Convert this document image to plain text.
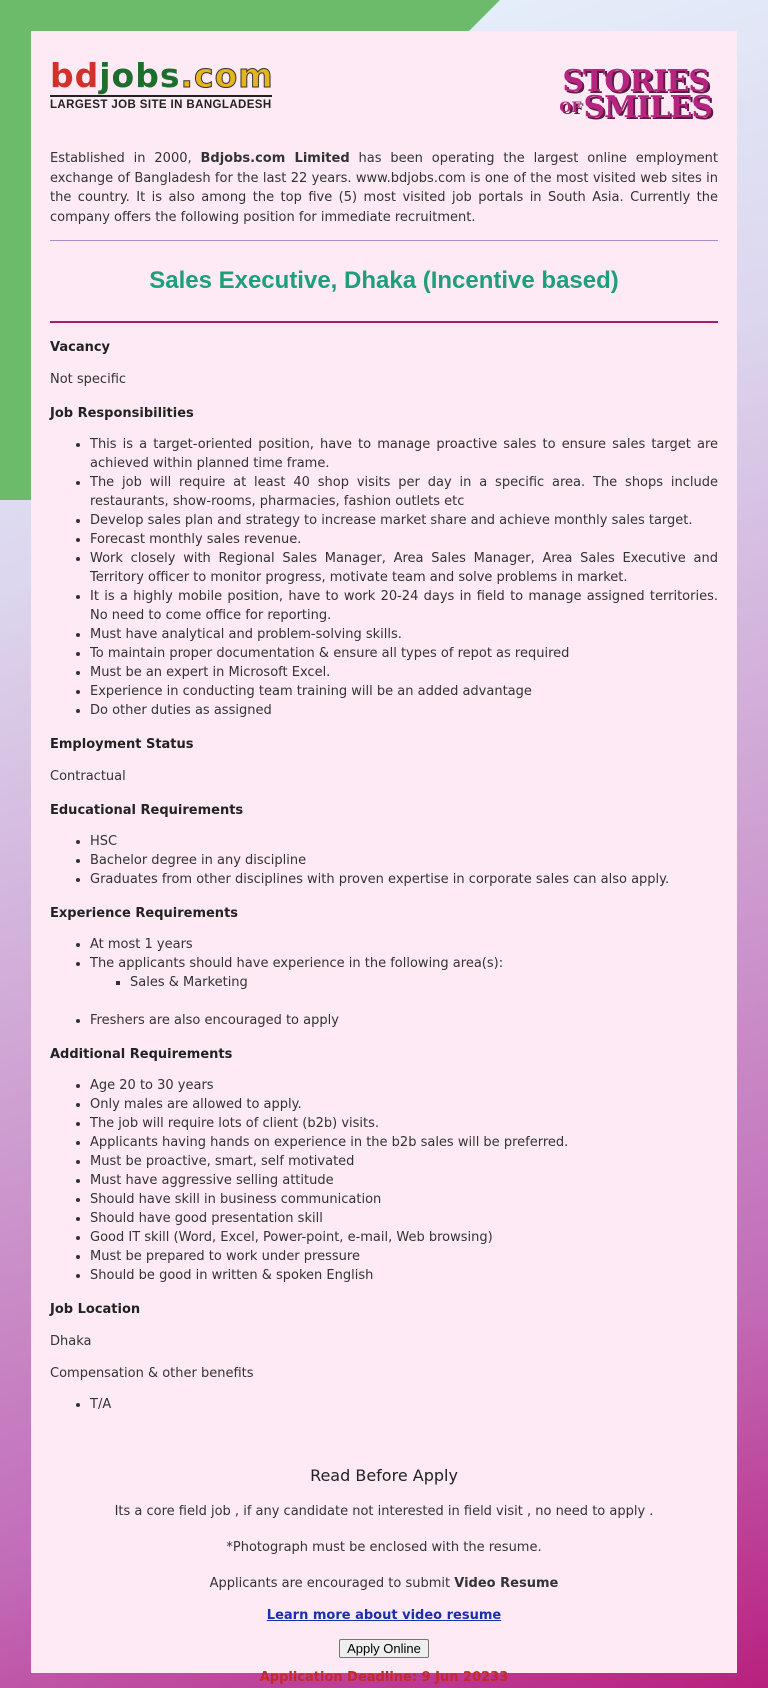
bdjobs.com
LARGEST JOB SITE IN BANGLADESH
STORIES
OFSMILES

Established in 2000, Bdjobs.com Limited has been operating the largest online employment exchange of Bangladesh for the last 22 years. www.bdjobs.com is one of the most visited web sites in the country. It is also among the top five (5) most visited job portals in South Asia. Currently the company offers the following position for immediate recruitment.

Sales Executive, Dhaka (Incentive based)
Vacancy

Not specific

Job Responsibilities
• This is a target-oriented position, have to manage proactive sales to ensure sales target are achieved within planned time frame.
• The job will require at least 40 shop visits per day in a specific area. The shops include restaurants, show-rooms, pharmacies, fashion outlets etc
• Develop sales plan and strategy to increase market share and achieve monthly sales target.
• Forecast monthly sales revenue.
• Work closely with Regional Sales Manager, Area Sales Manager, Area Sales Executive and Territory officer to monitor progress, motivate team and solve problems in market.
• It is a highly mobile position, have to work 20-24 days in field to manage assigned territories. No need to come office for reporting.
• Must have analytical and problem-solving skills.
• To maintain proper documentation & ensure all types of repot as required
• Must be an expert in Microsoft Excel.
• Experience in conducting team training will be an added advantage
• Do other duties as assigned
Employment Status

Contractual

Educational Requirements
• HSC
• Bachelor degree in any discipline
• Graduates from other disciplines with proven expertise in corporate sales can also apply.
Experience Requirements
• At most 1 years
• The applicants should have experience in the following area(s):
▪ Sales & Marketing
• Freshers are also encouraged to apply
Additional Requirements
• Age 20 to 30 years
• Only males are allowed to apply.
• The job will require lots of client (b2b) visits.
• Applicants having hands on experience in the b2b sales will be preferred.
• Must be proactive, smart, self motivated
• Must have aggressive selling attitude
• Should have skill in business communication
• Should have good presentation skill
• Good IT skill (Word, Excel, Power-point, e-mail, Web browsing)
• Must be prepared to work under pressure
• Should be good in written & spoken English
Job Location

Dhaka

Compensation & other benefits

• T/A
Read Before Apply

Its a core field job , if any candidate not interested in field visit , no need to apply .

*Photograph must be enclosed with the resume.

Applicants are encouraged to submit Video Resume

Learn more about video resume

Apply Online
Application Deadline: 9 Jun 20233
